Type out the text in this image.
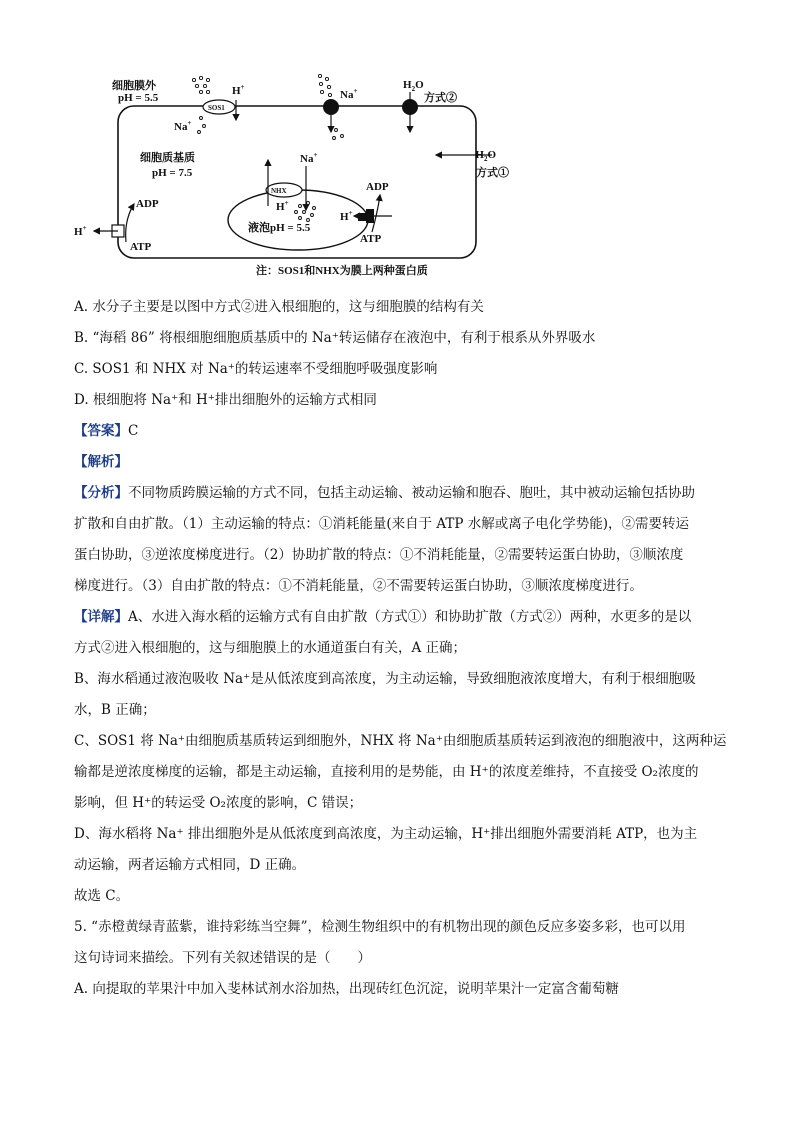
细胞膜外
pH = 5.5
SOS1
Na+
H+
Na+	$H_2O$
方式②
$H_2O$
方式①
细胞质基质
pH = 7.5
NHX
Na+
H+
H+
ADP
ATP
H+
ADP
ATP
液泡pH = 5.5
注：SOS1和NHX为膜上两种蛋白质
A. 水分子主要是以图中方式②进入根细胞的，这与细胞膜的结构有关
B. “海稻 86” 将根细胞细胞质基质中的 Na⁺转运储存在液泡中，有利于根系从外界吸水
C. SOS1 和 NHX 对 Na⁺的转运速率不受细胞呼吸强度影响
D. 根细胞将 Na⁺和 H⁺排出细胞外的运输方式相同
【答案】C
【解析】
【分析】不同物质跨膜运输的方式不同，包括主动运输、被动运输和胞吞、胞吐，其中被动运输包括协助
扩散和自由扩散。（1）主动运输的特点：①消耗能量(来自于 ATP 水解或离子电化学势能)，②需要转运
蛋白协助，③逆浓度梯度进行。（2）协助扩散的特点：①不消耗能量，②需要转运蛋白协助，③顺浓度
梯度进行。（3）自由扩散的特点：①不消耗能量，②不需要转运蛋白协助，③顺浓度梯度进行。
【详解】A、水进入海水稻的运输方式有自由扩散（方式①）和协助扩散（方式②）两种，水更多的是以
方式②进入根细胞的，这与细胞膜上的水通道蛋白有关，A 正确；
B、海水稻通过液泡吸收 Na⁺是从低浓度到高浓度，为主动运输，导致细胞液浓度增大，有利于根细胞吸
水，B 正确；
C、SOS1 将 Na⁺由细胞质基质转运到细胞外，NHX 将 Na⁺由细胞质基质转运到液泡的细胞液中，这两种运
输都是逆浓度梯度的运输，都是主动运输，直接利用的是势能，由 H⁺的浓度差维持，不直接受 O₂浓度的
影响，但 H⁺的转运受 O₂浓度的影响，C 错误；
D、海水稻将 Na⁺ 排出细胞外是从低浓度到高浓度，为主动运输，H⁺排出细胞外需要消耗 ATP，也为主
动运输，两者运输方式相同，D 正确。
故选 C。
5. “赤橙黄绿青蓝紫，谁持彩练当空舞”，检测生物组织中的有机物出现的颜色反应多姿多彩，也可以用
这句诗词来描绘。下列有关叙述错误的是（　　）
A. 向提取的苹果汁中加入斐林试剂水浴加热，出现砖红色沉淀，说明苹果汁一定富含葡萄糖
